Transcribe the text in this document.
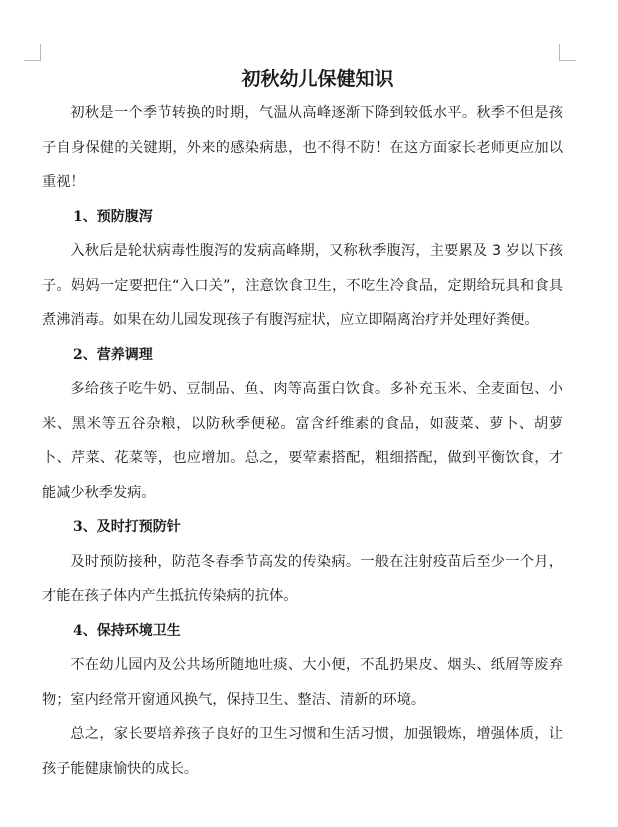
初秋幼儿保健知识

初秋是一个季节转换的时期，气温从高峰逐渐下降到较低水平。秋季不但是孩子自身保健的关键期，外来的感染病患，也不得不防！在这方面家长老师更应加以重视！

1、预防腹泻

入秋后是轮状病毒性腹泻的发病高峰期，又称秋季腹泻，主要累及 3 岁以下孩子。妈妈一定要把住“入口关”，注意饮食卫生，不吃生冷食品，定期给玩具和食具煮沸消毒。如果在幼儿园发现孩子有腹泻症状，应立即隔离治疗并处理好粪便。

2、营养调理

多给孩子吃牛奶、豆制品、鱼、肉等高蛋白饮食。多补充玉米、全麦面包、小米、黑米等五谷杂粮，以防秋季便秘。富含纤维素的食品，如菠菜、萝卜、胡萝卜、芹菜、花菜等，也应增加。总之，要荤素搭配，粗细搭配，做到平衡饮食，才能减少秋季发病。

3、及时打预防针

及时预防接种，防范冬春季节高发的传染病。一般在注射疫苗后至少一个月，才能在孩子体内产生抵抗传染病的抗体。

4、保持环境卫生

不在幼儿园内及公共场所随地吐痰、大小便，不乱扔果皮、烟头、纸屑等废弃物；室内经常开窗通风换气，保持卫生、整洁、清新的环境。

总之，家长要培养孩子良好的卫生习惯和生活习惯，加强锻炼，增强体质，让孩子能健康愉快的成长。
